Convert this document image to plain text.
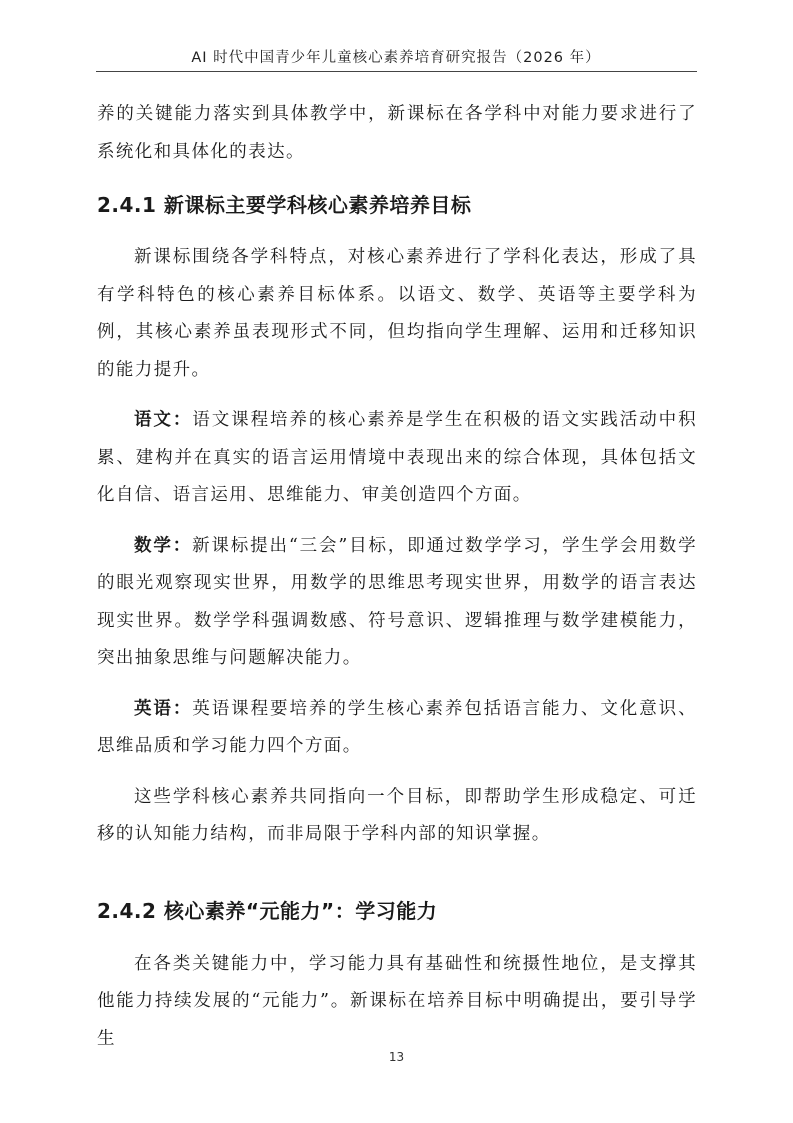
AI 时代中国青少年儿童核心素养培育研究报告（2026 年）

养的关键能力落实到具体教学中，新课标在各学科中对能力要求进行了系统化和具体化的表达。

2.4.1 新课标主要学科核心素养培养目标

新课标围绕各学科特点，对核心素养进行了学科化表达，形成了具有学科特色的核心素养目标体系。以语文、数学、英语等主要学科为例，其核心素养虽表现形式不同，但均指向学生理解、运用和迁移知识的能力提升。

语文：语文课程培养的核心素养是学生在积极的语文实践活动中积累、建构并在真实的语言运用情境中表现出来的综合体现，具体包括文化自信、语言运用、思维能力、审美创造四个方面。

数学：新课标提出“三会”目标，即通过数学学习，学生学会用数学的眼光观察现实世界，用数学的思维思考现实世界，用数学的语言表达现实世界。数学学科强调数感、符号意识、逻辑推理与数学建模能力，突出抽象思维与问题解决能力。

英语：英语课程要培养的学生核心素养包括语言能力、文化意识、思维品质和学习能力四个方面。

这些学科核心素养共同指向一个目标，即帮助学生形成稳定、可迁移的认知能力结构，而非局限于学科内部的知识掌握。

2.4.2 核心素养“元能力”：学习能力

在各类关键能力中，学习能力具有基础性和统摄性地位，是支撑其他能力持续发展的“元能力”。新课标在培养目标中明确提出，要引导学生

13
